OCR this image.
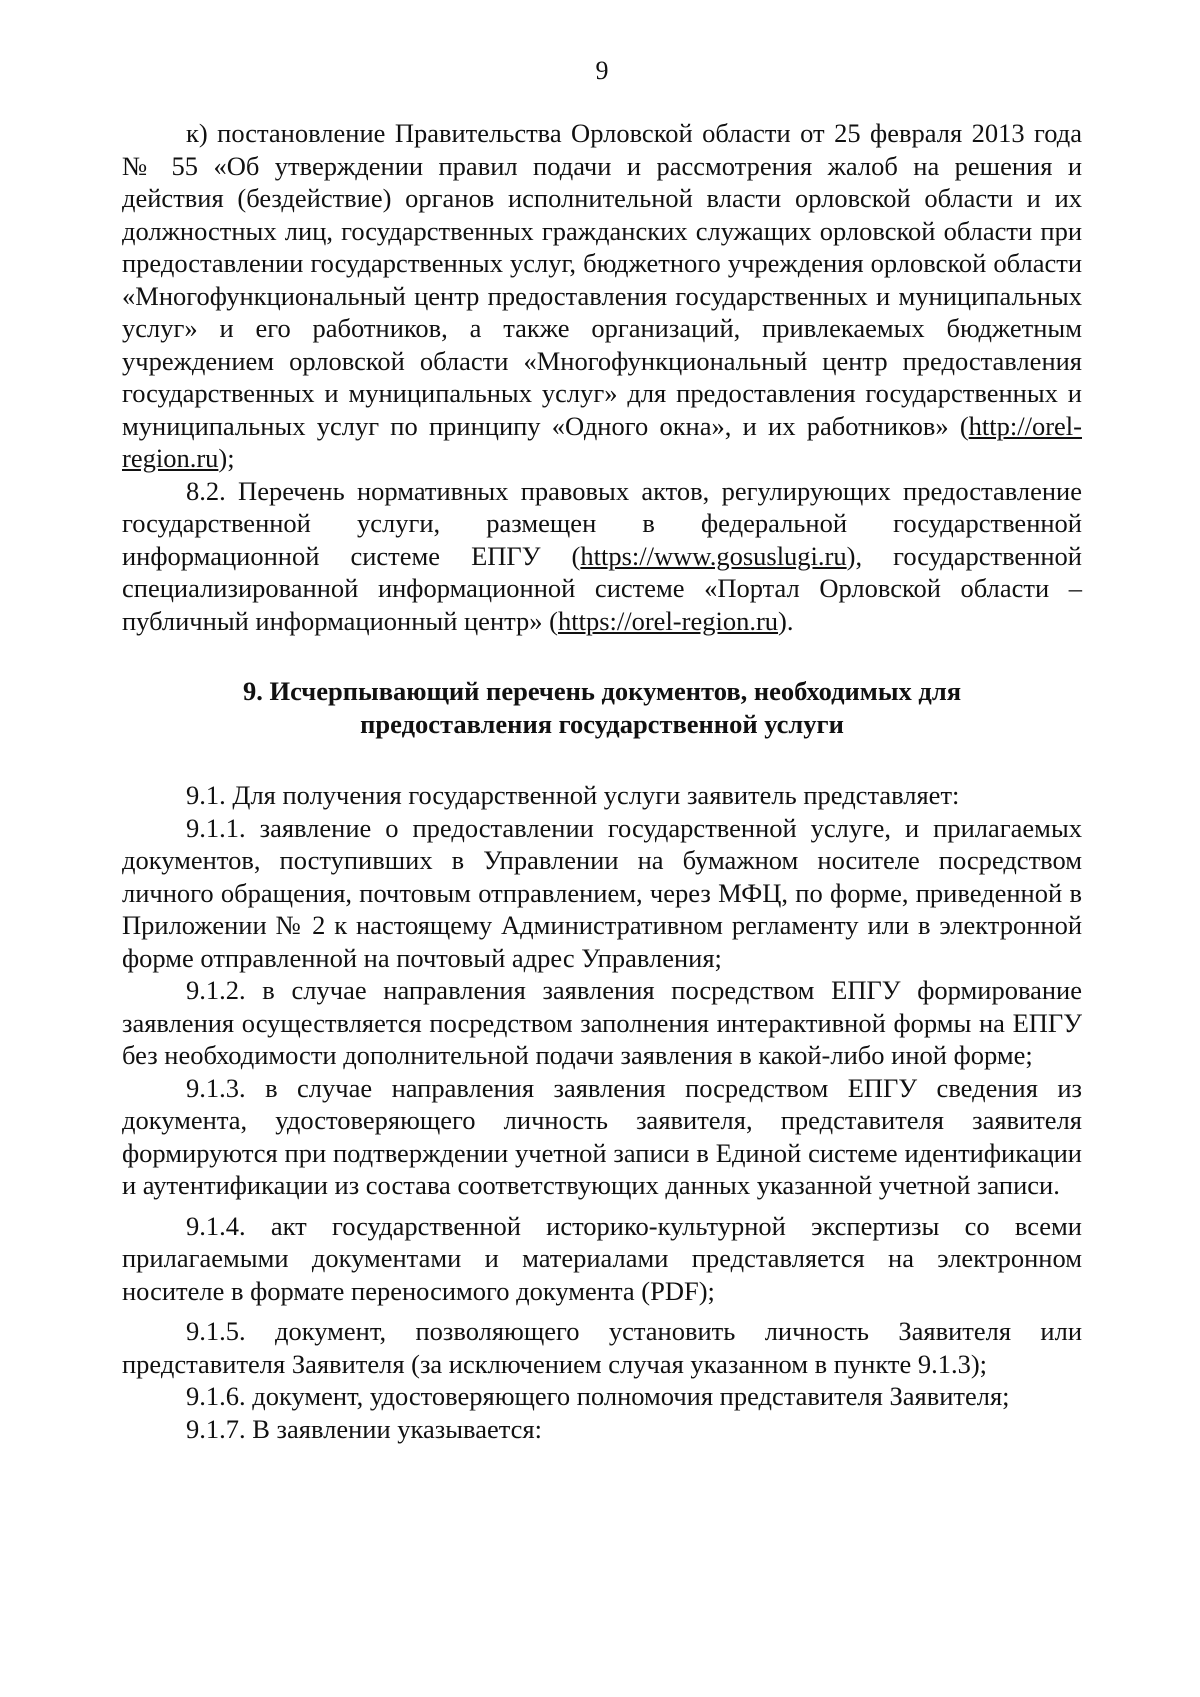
9

к) постановление Правительства Орловской области от 25 февраля 2013 года № 55 «Об утверждении правил подачи и рассмотрения жалоб на решения и действия (бездействие) органов исполнительной власти орловской области и их должностных лиц, государственных гражданских служащих орловской области при предоставлении государственных услуг, бюджетного учреждения орловской области «Многофункциональный центр предоставления государственных и муниципальных услуг» и его работников, а также организаций, привлекаемых бюджетным учреждением орловской области «Многофункциональный центр предоставления государственных и муниципальных услуг» для предоставления государственных и муниципальных услуг по принципу «Одного окна», и их работников» (http://orel-region.ru);

8.2. Перечень нормативных правовых актов, регулирующих предоставление государственной услуги, размещен в федеральной государственной информационной системе ЕПГУ (https://www.gosuslugi.ru), государственной специализированной информационной системе «Портал Орловской области – публичный информационный центр» (https://orel-region.ru).

9. Исчерпывающий перечень документов, необходимых для
предоставления государственной услуги

9.1. Для получения государственной услуги заявитель представляет:

9.1.1. заявление о предоставлении государственной услуге, и прилагаемых документов, поступивших в Управлении на бумажном носителе посредством личного обращения, почтовым отправлением, через МФЦ, по форме, приведенной в Приложении № 2 к настоящему Административном регламенту или в электронной форме отправленной на почтовый адрес Управления;

9.1.2. в случае направления заявления посредством ЕПГУ формирование заявления осуществляется посредством заполнения интерактивной формы на ЕПГУ без необходимости дополнительной подачи заявления в какой-либо иной форме;

9.1.3. в случае направления заявления посредством ЕПГУ сведения из документа, удостоверяющего личность заявителя, представителя заявителя формируются при подтверждении учетной записи в Единой системе идентификации и аутентификации из состава соответствующих данных указанной учетной записи.

9.1.4. акт государственной историко-культурной экспертизы со всеми прилагаемыми документами и материалами представляется на электронном носителе в формате переносимого документа (PDF);

9.1.5. документ, позволяющего установить личность Заявителя или представителя Заявителя (за исключением случая указанном в пункте 9.1.3);

9.1.6. документ, удостоверяющего полномочия представителя Заявителя;

9.1.7. В заявлении указывается:
